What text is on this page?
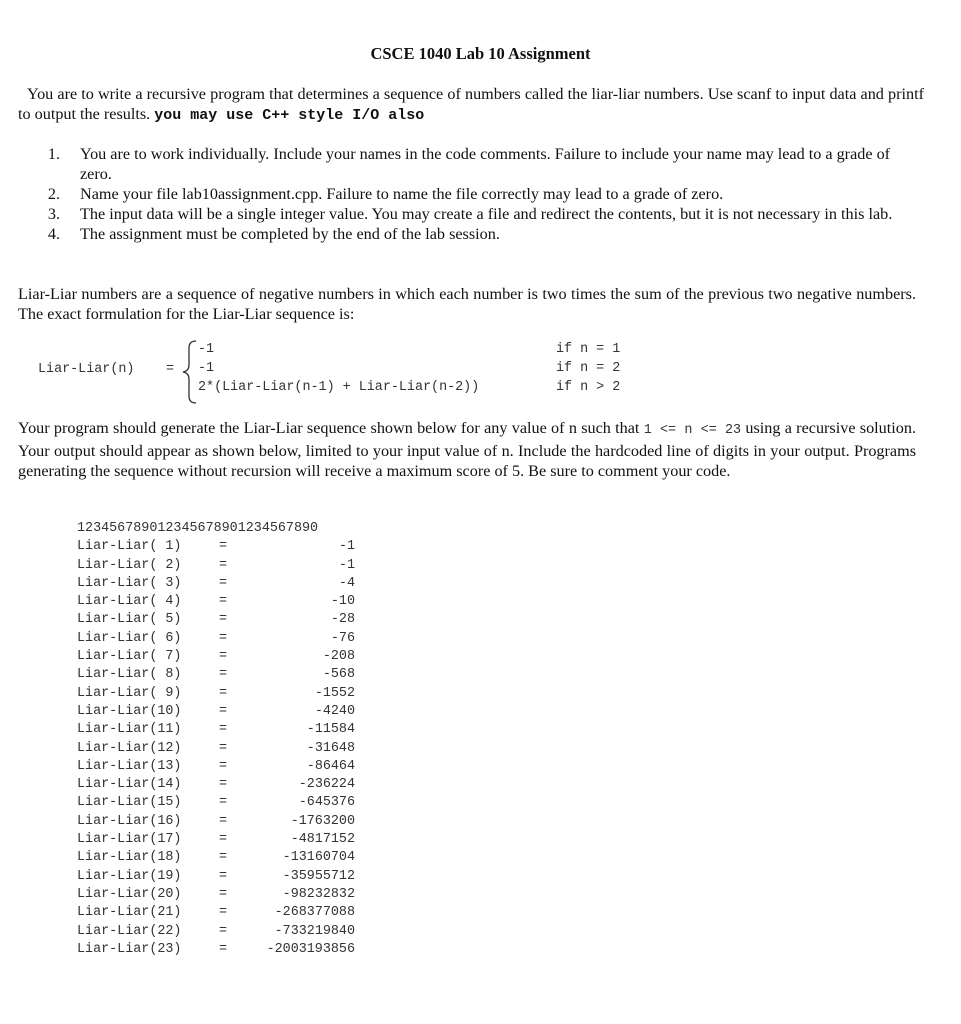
CSCE 1040 Lab 10 Assignment
You are to write a recursive program that determines a sequence of numbers called the liar-liar numbers. Use scanf to input data and printf to output the results. you may use C++ style I/O also
1. You are to work individually. Include your names in the code comments. Failure to include your name may lead to a grade of zero.
2. Name your file lab10assignment.cpp. Failure to name the file correctly may lead to a grade of zero.
3. The input data will be a single integer value. You may create a file and redirect the contents, but it is not necessary in this lab.
4. The assignment must be completed by the end of the lab session.
Liar-Liar numbers are a sequence of negative numbers in which each number is two times the sum of the previous two negative numbers. The exact formulation for the Liar-Liar sequence is:
Liar-Liar(n) =
-1	if n = 1
-1	if n = 2
2*(Liar-Liar(n-1) + Liar-Liar(n-2))	if n > 2
Your program should generate the Liar-Liar sequence shown below for any value of n such that 1 <= n <= 23 using a recursive solution. Your output should appear as shown below, limited to your input value of n. Include the hardcoded line of digits in your output. Programs generating the sequence without recursion will receive a maximum score of 5. Be sure to comment your code.
123456789012345678901234567890
Liar-Liar( 1)	=	-1
Liar-Liar( 2)	=	-1
Liar-Liar( 3)	=	-4
Liar-Liar( 4)	=	-10
Liar-Liar( 5)	=	-28
Liar-Liar( 6)	=	-76
Liar-Liar( 7)	=	-208
Liar-Liar( 8)	=	-568
Liar-Liar( 9)	=	-1552
Liar-Liar(10)	=	-4240
Liar-Liar(11)	=	-11584
Liar-Liar(12)	=	-31648
Liar-Liar(13)	=	-86464
Liar-Liar(14)	=	-236224
Liar-Liar(15)	=	-645376
Liar-Liar(16)	=	-1763200
Liar-Liar(17)	=	-4817152
Liar-Liar(18)	=	-13160704
Liar-Liar(19)	=	-35955712
Liar-Liar(20)	=	-98232832
Liar-Liar(21)	=	-268377088
Liar-Liar(22)	=	-733219840
Liar-Liar(23)	=	-2003193856
